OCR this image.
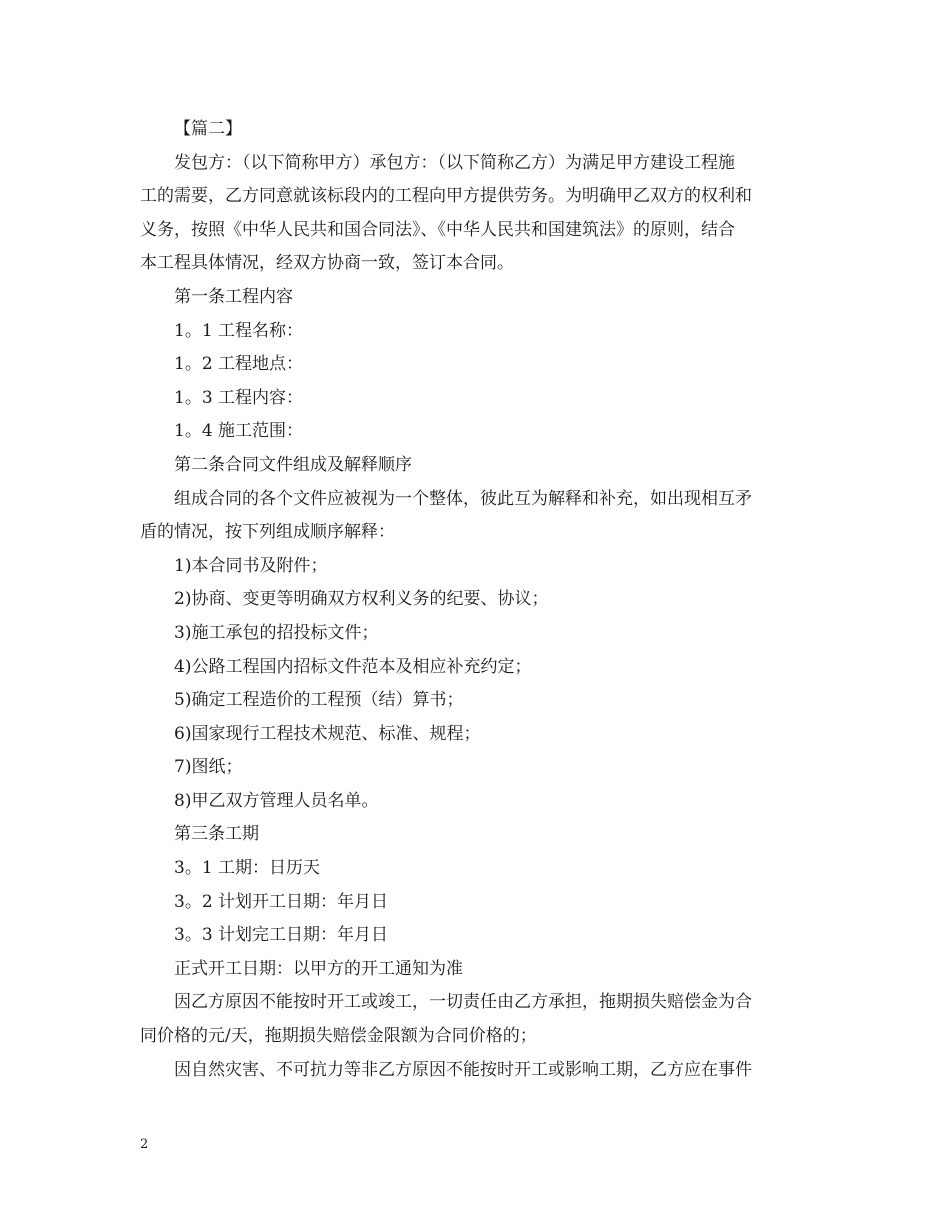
【篇二】
发包方：（以下简称甲方）承包方：（以下简称乙方）为满足甲方建设工程施
工的需要，乙方同意就该标段内的工程向甲方提供劳务。为明确甲乙双方的权利和
义务，按照《中华人民共和国合同法》、《中华人民共和国建筑法》的原则，结合
本工程具体情况，经双方协商一致，签订本合同。
第一条工程内容
1。1 工程名称：
1。2 工程地点：
1。3 工程内容：
1。4 施工范围：
第二条合同文件组成及解释顺序
组成合同的各个文件应被视为一个整体，彼此互为解释和补充，如出现相互矛
盾的情况，按下列组成顺序解释：
1)本合同书及附件；
2)协商、变更等明确双方权利义务的纪要、协议；
3)施工承包的招投标文件；
4)公路工程国内招标文件范本及相应补充约定；
5)确定工程造价的工程预（结）算书；
6)国家现行工程技术规范、标准、规程；
7)图纸；
8)甲乙双方管理人员名单。
第三条工期
3。1 工期：日历天
3。2 计划开工日期：年月日
3。3 计划完工日期：年月日
正式开工日期：以甲方的开工通知为准
因乙方原因不能按时开工或竣工，一切责任由乙方承担，拖期损失赔偿金为合
同价格的元/天，拖期损失赔偿金限额为合同价格的；
因自然灾害、不可抗力等非乙方原因不能按时开工或影响工期，乙方应在事件
2
